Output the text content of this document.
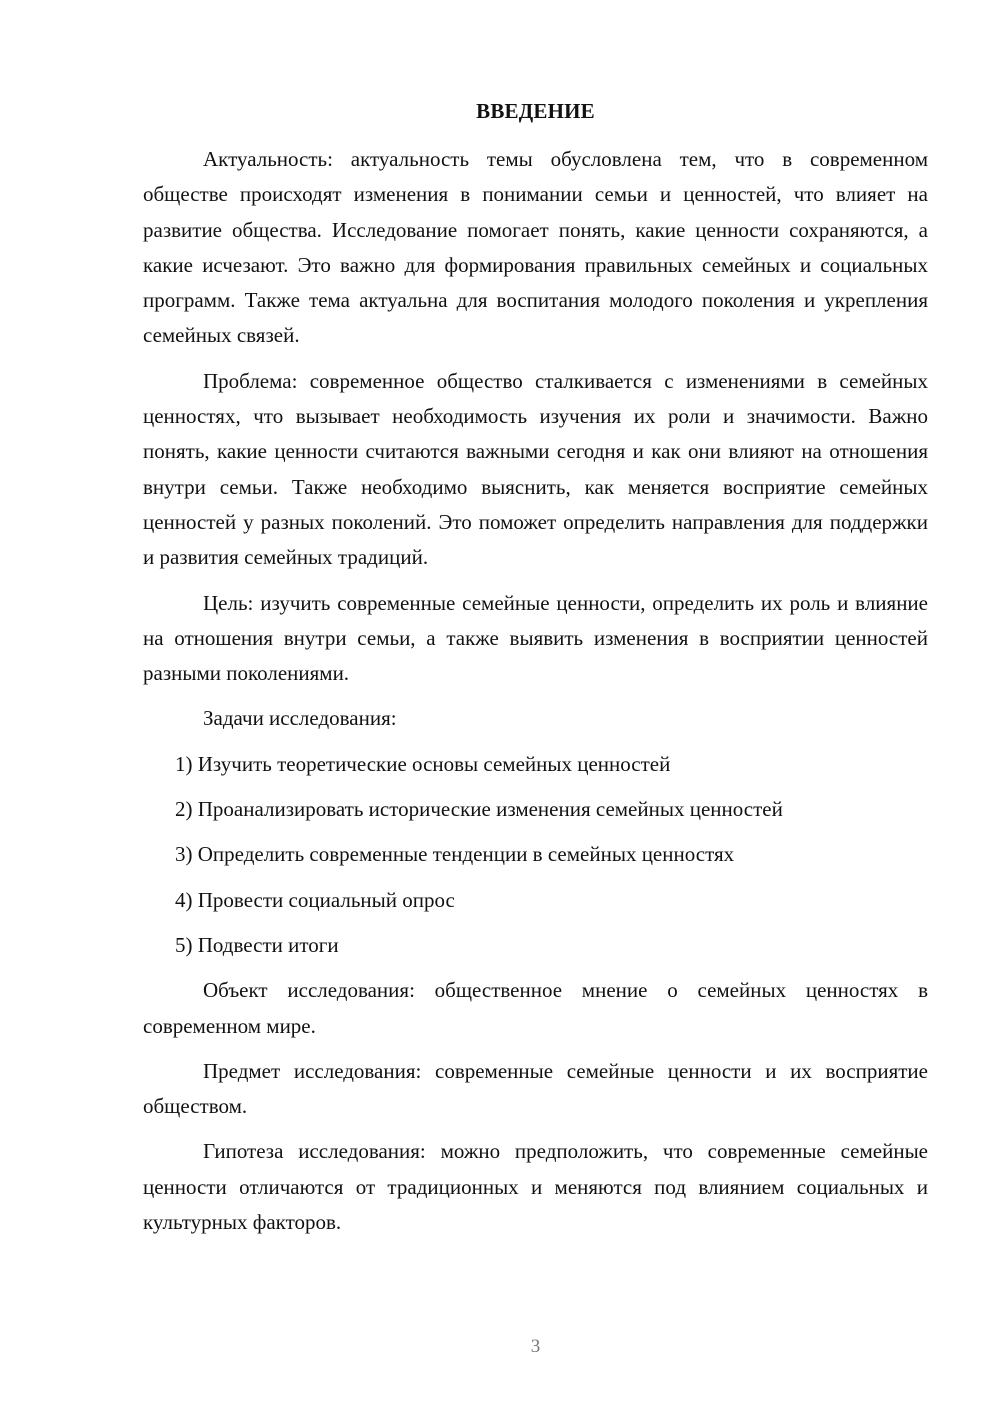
ВВЕДЕНИЕ

Актуальность: актуальность темы обусловлена тем, что в современном обществе происходят изменения в понимании семьи и ценностей, что влияет на развитие общества. Исследование помогает понять, какие ценности сохраняются, а какие исчезают. Это важно для формирования правильных семейных и социальных программ. Также тема актуальна для воспитания молодого поколения и укрепления семейных связей.

Проблема: современное общество сталкивается с изменениями в семейных ценностях, что вызывает необходимость изучения их роли и значимости. Важно понять, какие ценности считаются важными сегодня и как они влияют на отношения внутри семьи. Также необходимо выяснить, как меняется восприятие семейных ценностей у разных поколений. Это поможет определить направления для поддержки и развития семейных традиций.

Цель: изучить современные семейные ценности, определить их роль и влияние на отношения внутри семьи, а также выявить изменения в восприятии ценностей разными поколениями.

Задачи исследования:

1) Изучить теоретические основы семейных ценностей

2) Проанализировать исторические изменения семейных ценностей

3) Определить современные тенденции в семейных ценностях

4) Провести социальный опрос

5) Подвести итоги

Объект исследования: общественное мнение о семейных ценностях в современном мире.

Предмет исследования: современные семейные ценности и их восприятие обществом.

Гипотеза исследования: можно предположить, что современные семейные ценности отличаются от традиционных и меняются под влиянием социальных и культурных факторов.

3
